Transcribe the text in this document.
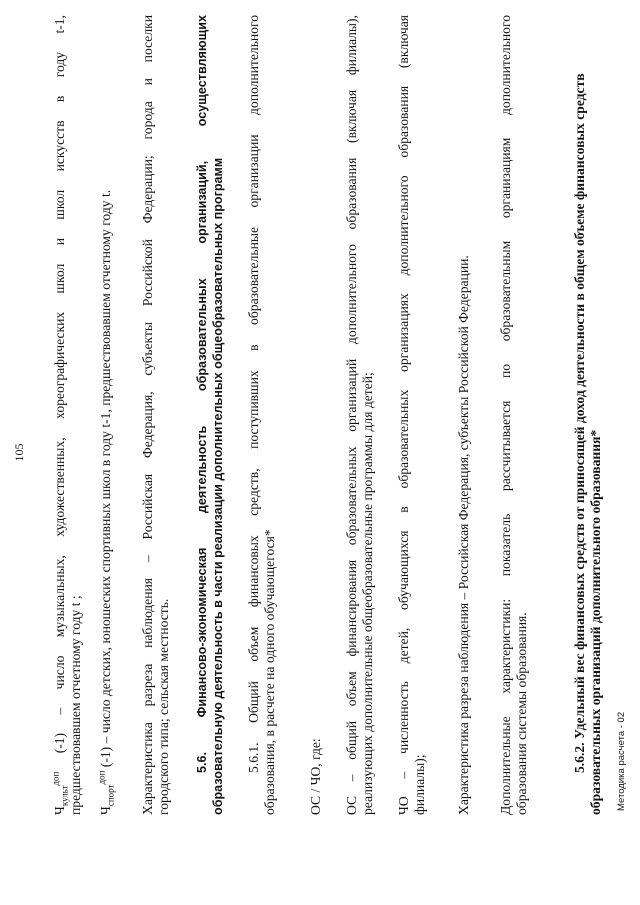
105
$Ч_{культ}^{доп}$ (-1) – число музыкальных, художественных, хореографических школ и школ искусств в году t-1, предшествовавшем отчетному году t ; $Ч_{спорт}^{доп}$ (-1) – число детских, юношеских спортивных школ в году t-1, предшествовавшем отчетному году t. Характеристика разреза наблюдения – Российская Федерация, субъекты Российской Федерации; города и поселки городского типа; сельская местность. 5.6. Финансово-экономическая деятельность образовательных организаций, осуществляющих образовательную деятельность в части реализации дополнительных общеобразовательных программ 5.6.1. Общий объем финансовых средств, поступивших в образовательные организации дополнительного образования, в расчете на одного обучающегося* ОС / ЧО, где: ОС – общий объем финансирования образовательных организаций дополнительного образования (включая филиалы), реализующих дополнительные общеобразовательные программы для детей; ЧО – численность детей, обучающихся в образовательных организациях дополнительного образования (включая филиалы); Характеристика разреза наблюдения – Российская Федерация, субъекты Российской Федерации. Дополнительные характеристики: показатель рассчитывается по образовательным организациям дополнительного образования системы образования.	5.6.2. Удельный вес финансовых средств от приносящей доход деятельности в общем объеме финансовых средств образовательных организаций дополнительного образования* Методика расчета - 02
